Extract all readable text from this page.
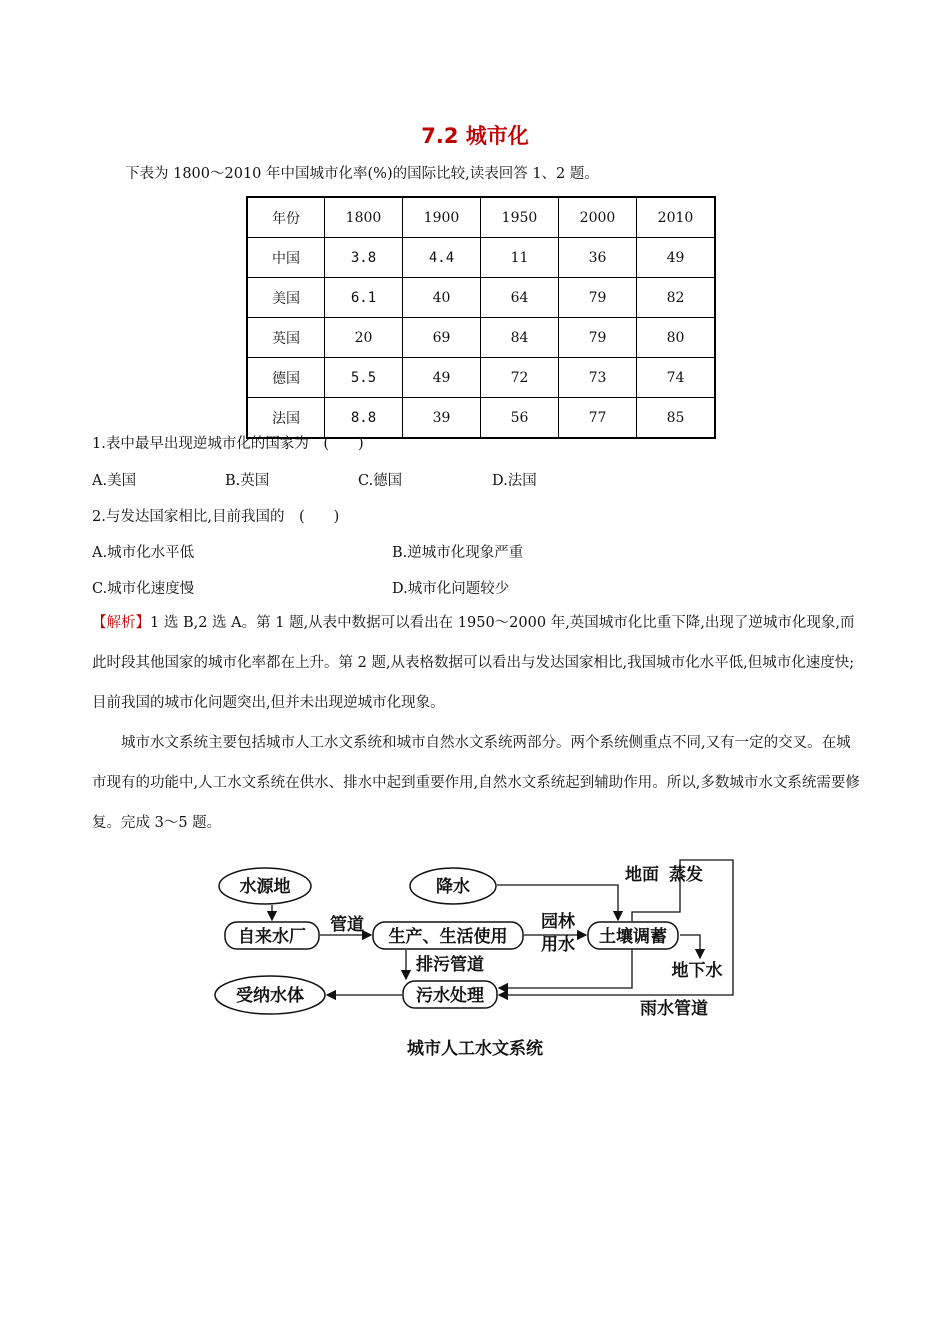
7.2 城市化
下表为 1800～2010 年中国城市化率(%)的国际比较,读表回答 1、2 题。
年份	1800	1900	1950	2000	2010
中国	3.8	4.4	11	36	49
美国	6.1	40	64	79	82
英国	20	69	84	79	80
德国	5.5	49	72	73	74
法国	8.8	39	56	77	85
1.表中最早出现逆城市化的国家为　(　　)
A.美国	B.英国	C.德国	D.法国
2.与发达国家相比,目前我国的　(　　)
A.城市化水平低	B.逆城市化现象严重
C.城市化速度慢	D.城市化问题较少
【解析】1 选 B,2 选 A。第 1 题,从表中数据可以看出在 1950～2000 年,英国城市化比重下降,出现了逆城市化现象,而此时段其他国家的城市化率都在上升。第 2 题,从表格数据可以看出与发达国家相比,我国城市化水平低,但城市化速度快;目前我国的城市化问题突出,但并未出现逆城市化现象。
城市水文系统主要包括城市人工水文系统和城市自然水文系统两部分。两个系统侧重点不同,又有一定的交叉。在城市现有的功能中,人工水文系统在供水、排水中起到重要作用,自然水文系统起到辅助作用。所以,多数城市水文系统需要修复。完成 3～5 题。
水源地	降水
自来水厂	生产、生活使用	土壤调蓄
污水处理
受纳水体
管道	园林
用水
排污管道
地面 蒸发
地下水
雨水管道
城市人工水文系统
